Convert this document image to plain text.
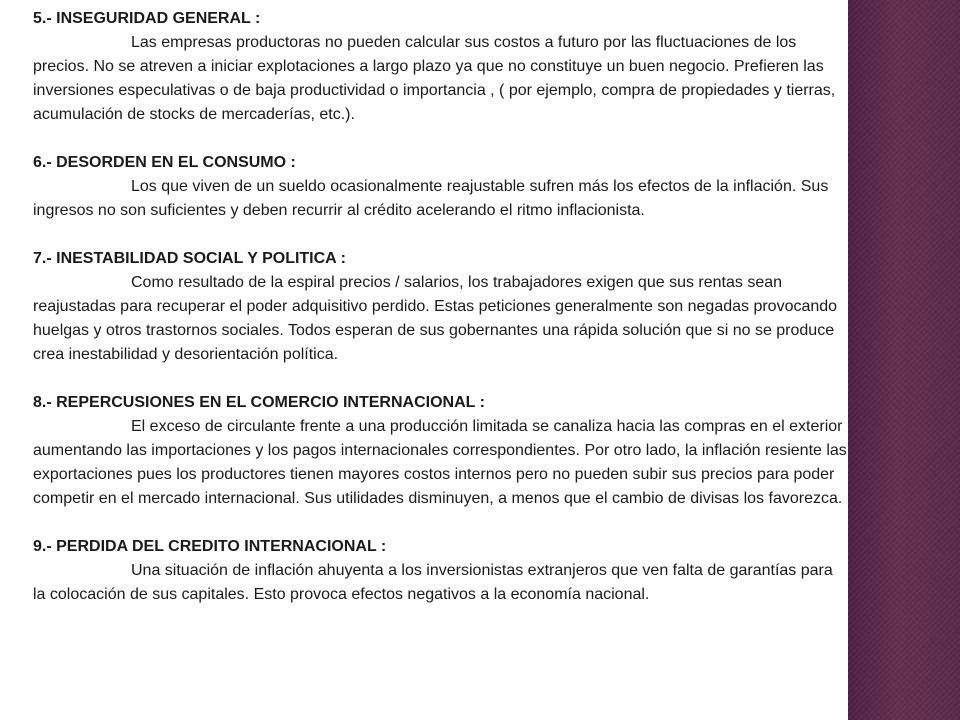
5.- INSEGURIDAD GENERAL :

Las empresas productoras no pueden calcular sus costos a futuro por las fluctuaciones de los precios. No se atreven a iniciar explotaciones a largo plazo ya que no constituye un buen negocio. Prefieren las inversiones especulativas o de baja productividad o importancia , ( por ejemplo, compra de propiedades y tierras, acumulación de stocks de mercaderías, etc.).

6.- DESORDEN EN EL CONSUMO :

Los que viven de un sueldo ocasionalmente reajustable sufren más los efectos de la inflación. Sus ingresos no son suficientes y deben recurrir al crédito acelerando el ritmo inflacionista.

7.- INESTABILIDAD SOCIAL Y POLITICA :

Como resultado de la espiral precios / salarios, los trabajadores exigen que sus rentas sean reajustadas para recuperar el poder adquisitivo perdido. Estas peticiones generalmente son negadas provocando huelgas y otros trastornos sociales. Todos esperan de sus gobernantes una rápida solución que si no se produce crea inestabilidad y desorientación política.

8.- REPERCUSIONES EN EL COMERCIO INTERNACIONAL :

El exceso de circulante frente a una producción limitada se canaliza hacia las compras en el exterior aumentando las importaciones y los pagos internacionales correspondientes. Por otro lado, la inflación resiente las exportaciones pues los productores tienen mayores costos internos pero no pueden subir sus precios para poder competir en el mercado internacional. Sus utilidades disminuyen, a menos que el cambio de divisas los favorezca.

9.- PERDIDA DEL CREDITO INTERNACIONAL :

Una situación de inflación ahuyenta a los inversionistas extranjeros que ven falta de garantías para la colocación de sus capitales. Esto provoca efectos negativos a la economía nacional.
